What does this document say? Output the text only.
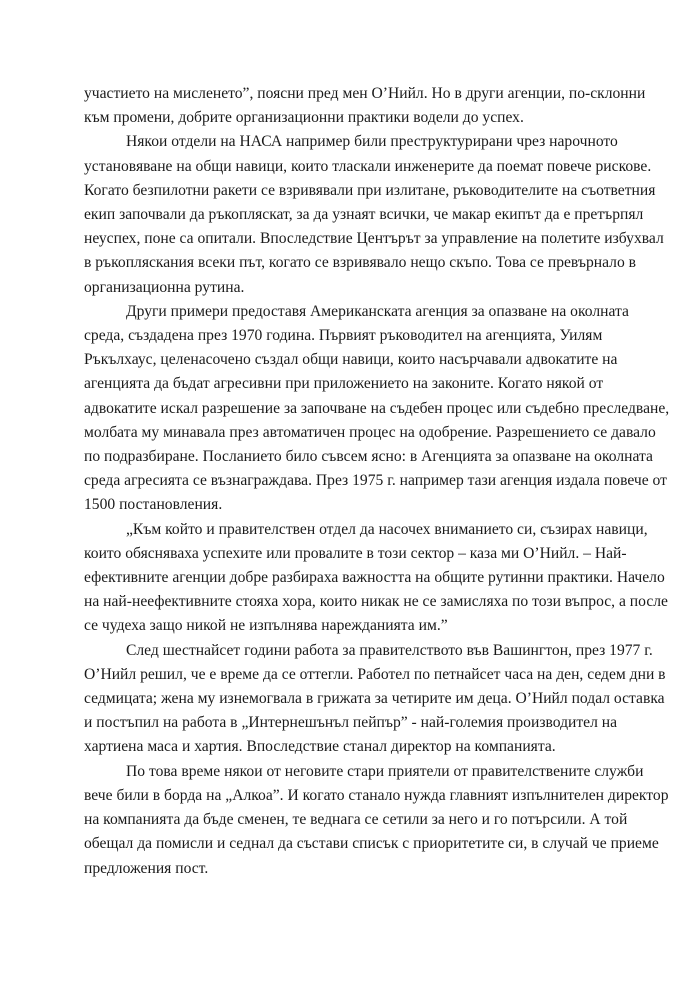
участието на мисленето”, поясни пред мен О’Нийл. Но в други агенции, по-склонни
към промени, добрите организационни практики водели до успех.
Някои отдели на НАСА например били преструктурирани чрез нарочното
установяване на общи навици, които тласкали инженерите да поемат повече рискове.
Когато безпилотни ракети се взривявали при излитане, ръководителите на съответния
екип започвали да ръкопляскат, за да узнаят всички, че макар екипът да е претърпял
неуспех, поне са опитали. Впоследствие Центърът за управление на полетите избухвал
в ръкопляскания всеки път, когато се взривявало нещо скъпо. Това се превърнало в
организационна рутина.
Други примери предоставя Американската агенция за опазване на околната
среда, създадена през 1970 година. Първият ръководител на агенцията, Уилям
Ръкълхаус, целенасочено създал общи навици, които насърчавали адвокатите на
агенцията да бъдат агресивни при приложението на законите. Когато някой от
адвокатите искал разрешение за започване на съдебен процес или съдебно преследване,
молбата му минавала през автоматичен процес на одобрение. Разрешението се давало
по подразбиране. Посланието било съвсем ясно: в Агенцията за опазване на околната
среда агресията се възнаграждава. През 1975 г. например тази агенция издала повече от
1500 постановления.
„Към който и правителствен отдел да насочех вниманието си, съзирах навици,
които обясняваха успехите или провалите в този сектор – каза ми О’Нийл. – Най-
ефективните агенции добре разбираха важността на общите рутинни практики. Начело
на най-неефективните стояха хора, които никак не се замисляха по този въпрос, а после
се чудеха защо никой не изпълнява нарежданията им.”
След шестнайсет години работа за правителството във Вашингтон, през 1977 г.
О’Нийл решил, че е време да се оттегли. Работел по петнайсет часа на ден, седем дни в
седмицата; жена му изнемогвала в грижата за четирите им деца. О’Нийл подал оставка
и постъпил на работа в „Интернешънъл пейпър” - най-големия производител на
хартиена маса и хартия. Впоследствие станал директор на компанията.
По това време някои от неговите стари приятели от правителствените служби
вече били в борда на „Алкоа”. И когато станало нужда главният изпълнителен директор
на компанията да бъде сменен, те веднага се сетили за него и го потърсили. А той
обещал да помисли и седнал да състави списък с приоритетите си, в случай че приеме
предложения пост.
